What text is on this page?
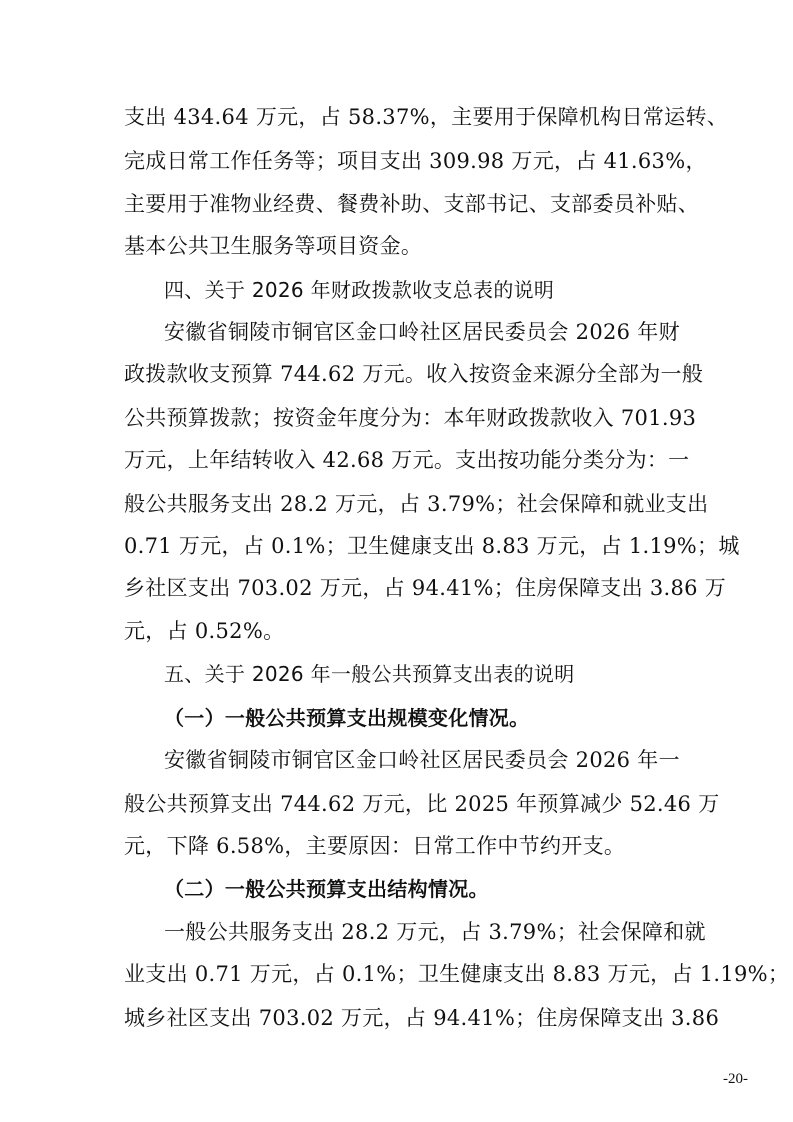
支出 434.64 万元，占 58.37%，主要用于保障机构日常运转、
完成日常工作任务等；项目支出 309.98 万元，占 41.63%，
主要用于准物业经费、餐费补助、支部书记、支部委员补贴、
基本公共卫生服务等项目资金。
四、关于 2026 年财政拨款收支总表的说明
安徽省铜陵市铜官区金口岭社区居民委员会 2026 年财
政拨款收支预算 744.62 万元。收入按资金来源分全部为一般
公共预算拨款；按资金年度分为：本年财政拨款收入 701.93
万元，上年结转收入 42.68 万元。支出按功能分类分为：一
般公共服务支出 28.2 万元，占 3.79%；社会保障和就业支出
0.71 万元，占 0.1%；卫生健康支出 8.83 万元，占 1.19%；城
乡社区支出 703.02 万元，占 94.41%；住房保障支出 3.86 万
元，占 0.52%。
五、关于 2026 年一般公共预算支出表的说明
（一）一般公共预算支出规模变化情况。
安徽省铜陵市铜官区金口岭社区居民委员会 2026 年一
般公共预算支出 744.62 万元，比 2025 年预算减少 52.46 万
元，下降 6.58%，主要原因：日常工作中节约开支。
（二）一般公共预算支出结构情况。
一般公共服务支出 28.2 万元，占 3.79%；社会保障和就
业支出 0.71 万元，占 0.1%；卫生健康支出 8.83 万元，占 1.19%；
城乡社区支出 703.02 万元，占 94.41%；住房保障支出 3.86
-20-
